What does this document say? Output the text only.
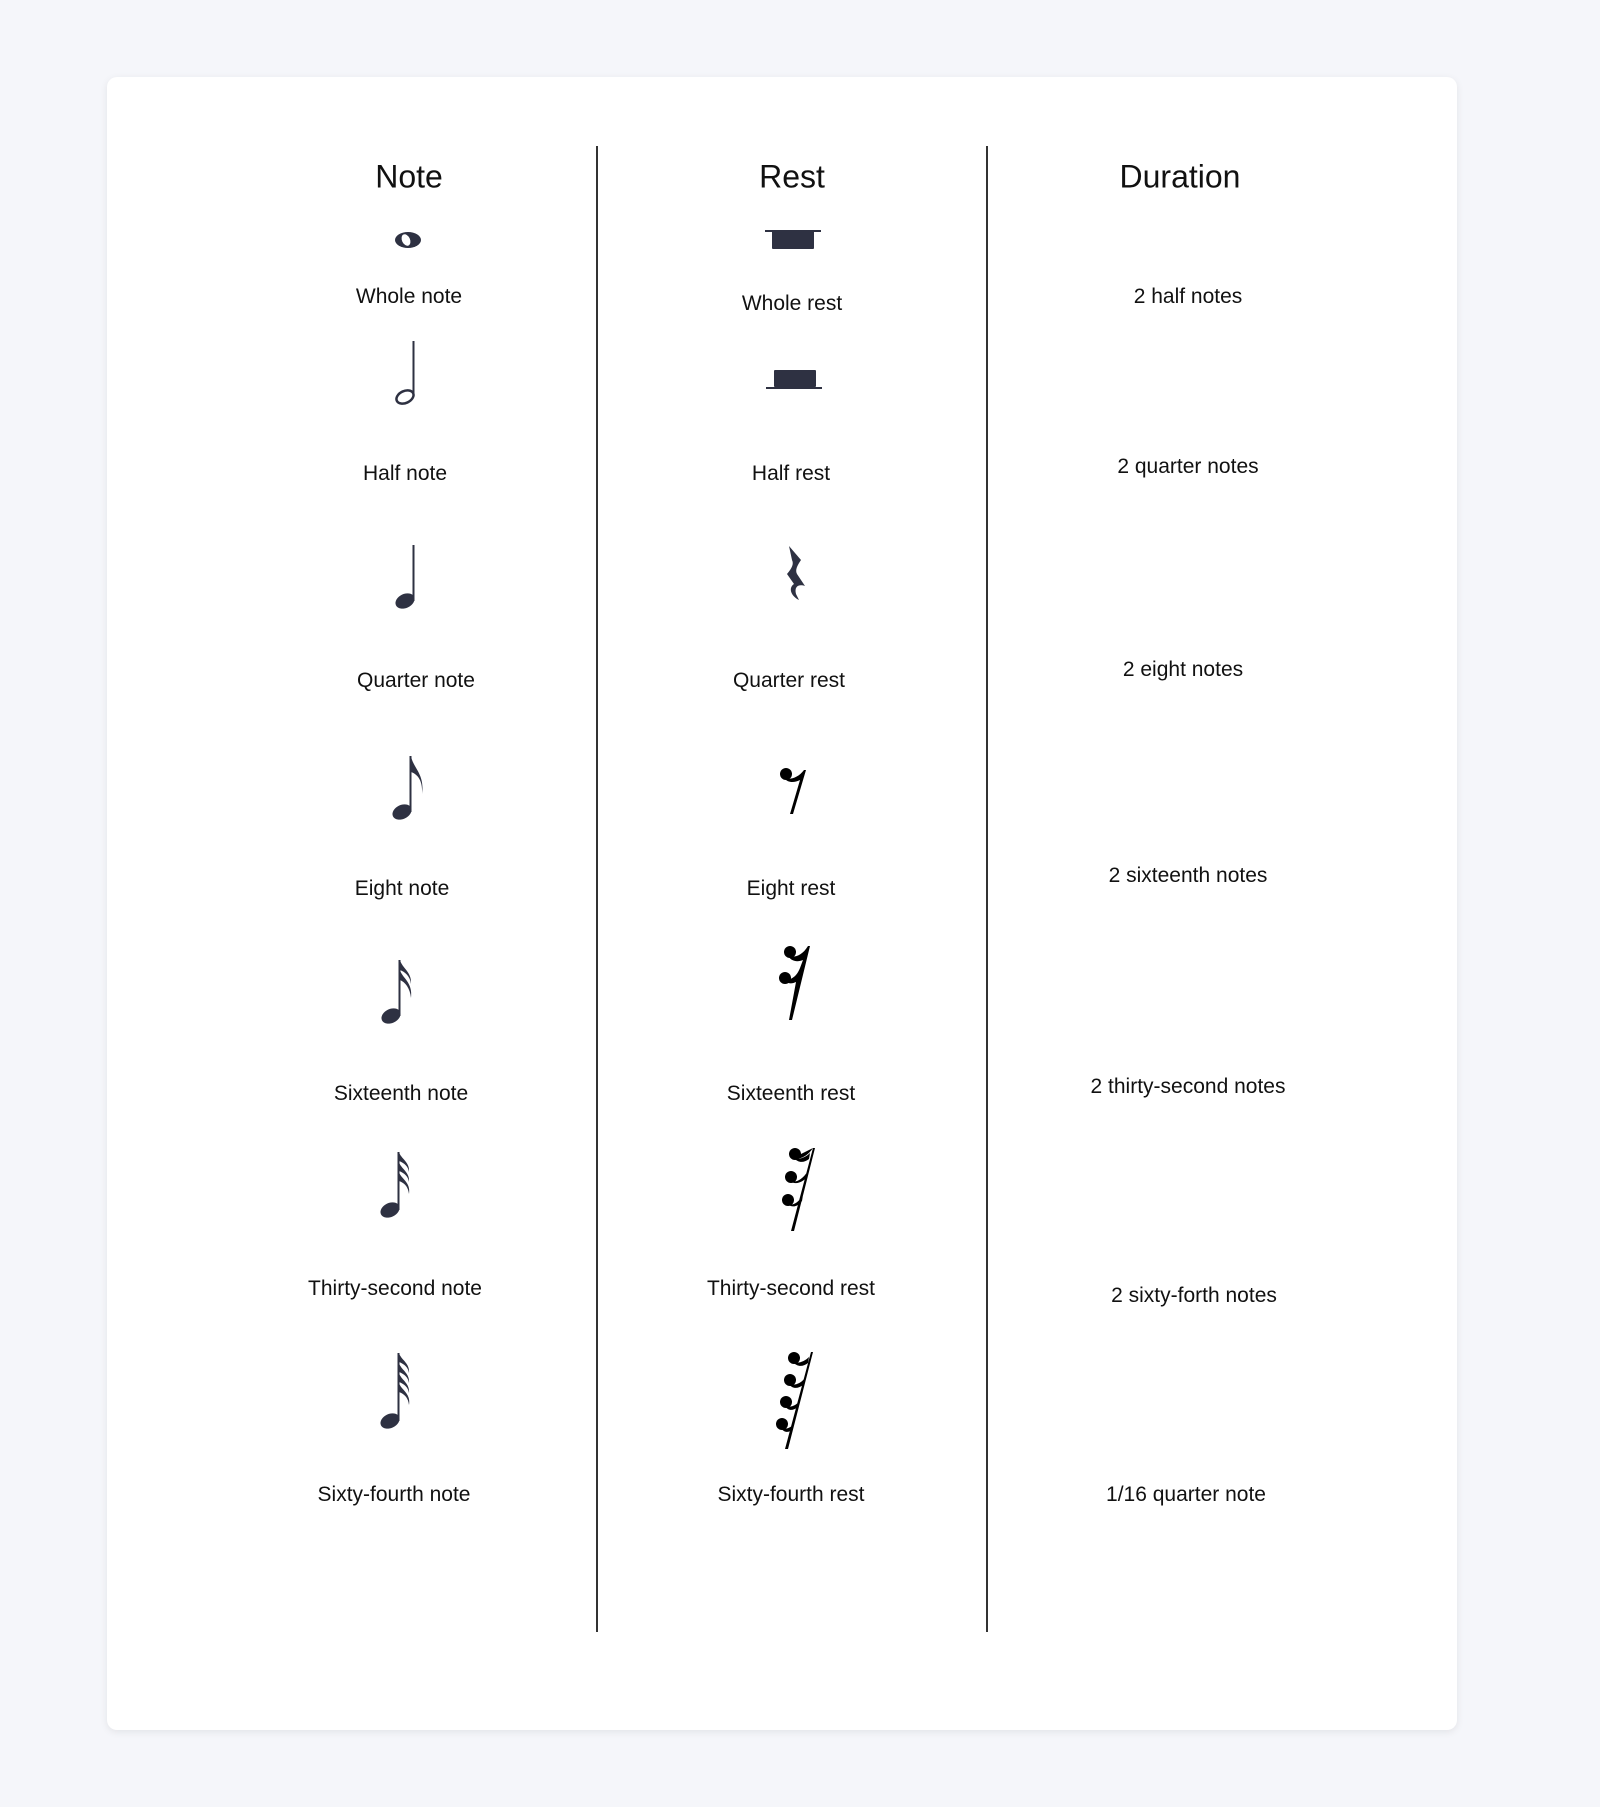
Note	Rest	Duration
Whole note
Half note
Quarter note
Eight note
Sixteenth note
Thirty-second note
Sixty-fourth note
Whole rest
Half rest
Quarter rest
Eight rest
Sixteenth rest
Thirty-second rest
Sixty-fourth rest
2 half notes
2 quarter notes
2 eight notes
2 sixteenth notes
2 thirty-second notes
2 sixty-forth notes
1/16 quarter note
